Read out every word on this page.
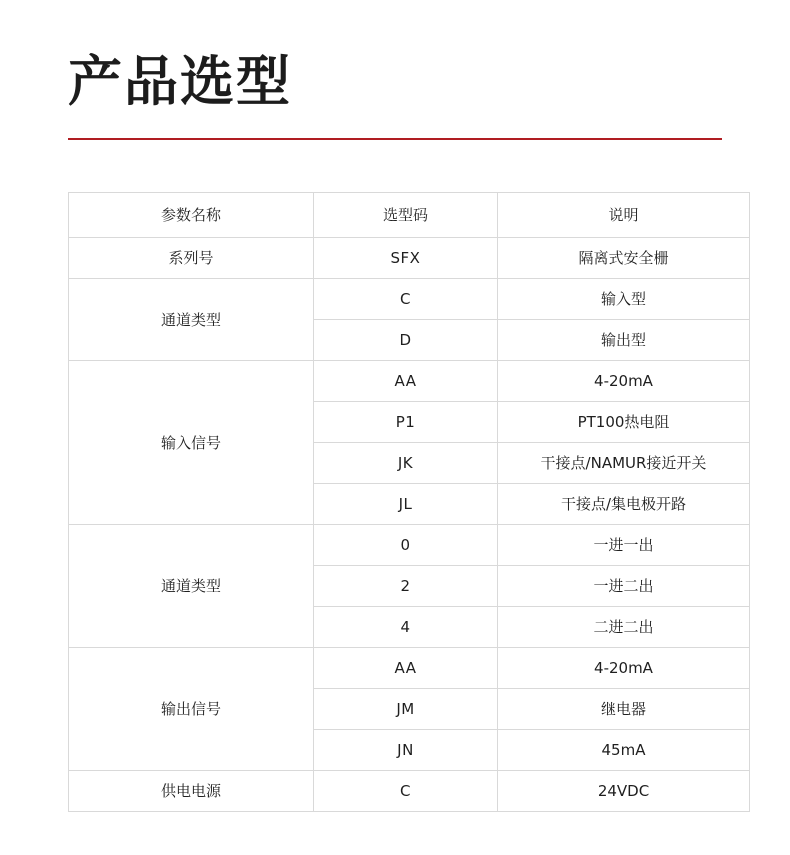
产品选型
参数名称	选型码	说明
系列号	SFX	隔离式安全栅
通道类型	C	输入型
	D	输出型
输入信号	AA	4-20mA
	P1	PT100热电阻
	JK	干接点/NAMUR接近开关
	JL	干接点/集电极开路
通道类型	0	一进一出
	2	一进二出
	4	二进二出
输出信号	AA	4-20mA
	JM	继电器
	JN	45mA
供电电源	C	24VDC
